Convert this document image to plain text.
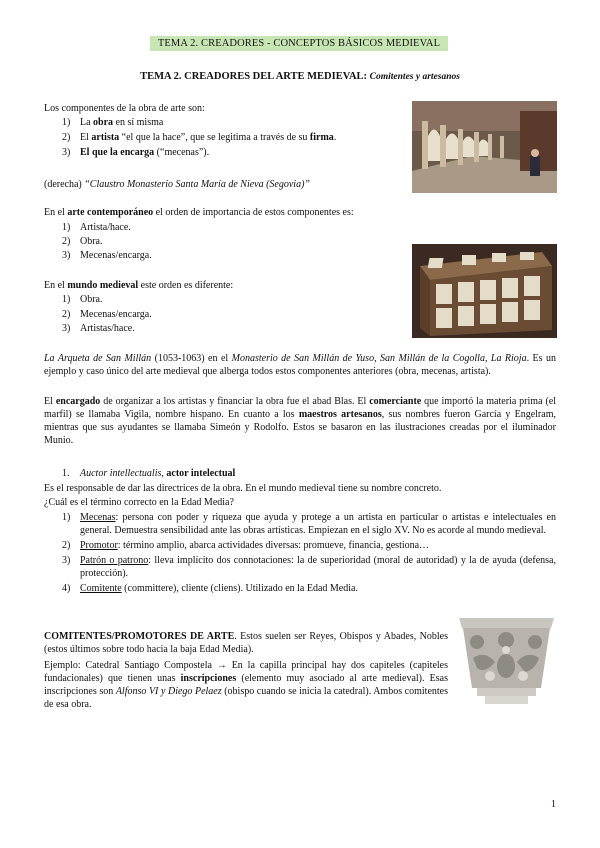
TEMA 2. CREADORES - CONCEPTOS BÁSICOS MEDIEVAL
TEMA 2. CREADORES DEL ARTE MEDIEVAL: Comitentes y artesanos
Los componentes de la obra de arte son:
1) La obra en sí misma
2) El artista “el que la hace”, que se legitima a través de su firma.
3) El que la encarga (“mecenas”).
(derecha) “Claustro Monasterio Santa María de Nieva (Segovia)”
En el arte contemporáneo el orden de importancia de estos componentes es:
1) Artista/hace.
2) Obra.
3) Mecenas/encarga.
En el mundo medieval este orden es diferente:
1) Obra.
2) Mecenas/encarga.
3) Artistas/hace.
La Arqueta de San Millán (1053-1063) en el Monasterio de San Millán de Yuso, San Millán de la Cogolla, La Rioja. Es un ejemplo y caso único del arte medieval que alberga todos estos componentes anteriores (obra, mecenas, artista).
El encargado de organizar a los artistas y financiar la obra fue el abad Blas. El comerciante que importó la materia prima (el marfil) se llamaba Vigila, nombre hispano. En cuanto a los maestros artesanos, sus nombres fueron García y Engelram, mientras que sus ayudantes se llamaba Simeón y Rodolfo. Estos se basaron en las ilustraciones creadas por el iluminador Munio.
1. Auctor intellectualis, actor intelectual
Es el responsable de dar las directrices de la obra. En el mundo medieval tiene su nombre concreto.
¿Cuál es el término correcto en la Edad Media?
1) Mecenas: persona con poder y riqueza que ayuda y protege a un artista en particular o artistas e intelectuales en general. Demuestra sensibilidad ante las obras artísticas. Empiezan en el siglo XV. No es acorde al mundo medieval.
2) Promotor: término amplio, abarca actividades diversas: promueve, financia, gestiona…
3) Patrón o patrono: lleva implícito dos connotaciones: la de superioridad (moral de autoridad) y la de ayuda (defensa, protección).
4) Comitente (committere), cliente (cliens). Utilizado en la Edad Media.
COMITENTES/PROMOTORES DE ARTE. Estos suelen ser Reyes, Obispos y Abades, Nobles (estos últimos sobre todo hacia la baja Edad Media).
Ejemplo: Catedral Santiago Compostela → En la capilla principal hay dos capiteles (capiteles fundacionales) que tienen unas inscripciones (elemento muy asociado al arte medieval). Esas inscripciones son Alfonso VI y Diego Pelaez (obispo cuando se inicia la catedral). Ambos comitentes de esa obra.
1
